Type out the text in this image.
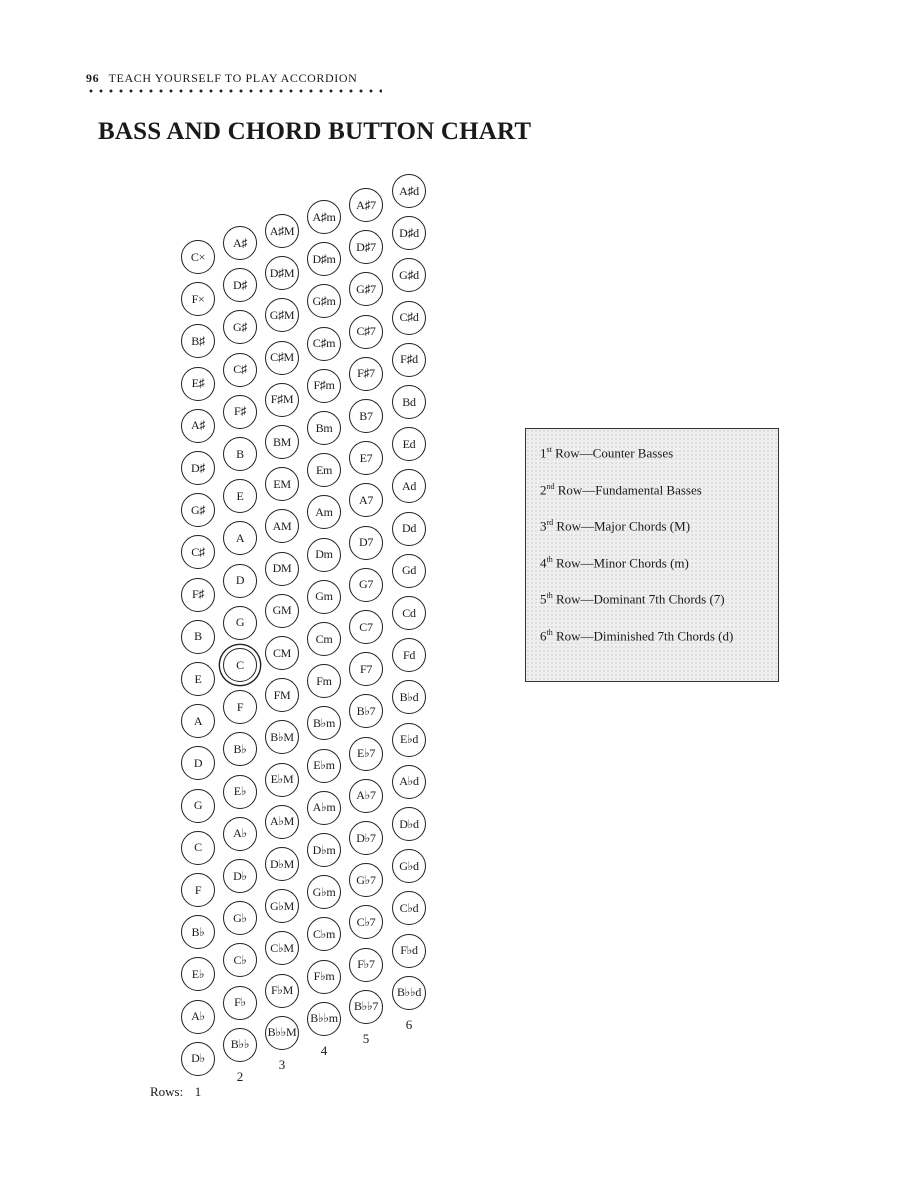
96 TEACH YOURSELF TO PLAY ACCORDION
BASS AND CHORD BUTTON CHART
C×
F×
B♯
E♯
A♯
D♯
G♯
C♯
F♯
B
E
A
D
G
C
F
B♭
E♭
A♭
D♭
1
A♯
D♯
G♯
C♯
F♯
B
E
A
D
G
C
F
B♭
E♭
A♭
D♭
G♭
C♭
F♭
B♭♭
2
A♯M
D♯M
G♯M
C♯M
F♯M
BM
EM
AM
DM
GM
CM
FM
B♭M
E♭M
A♭M
D♭M
G♭M
C♭M
F♭M
B♭♭M
3
A♯m
D♯m
G♯m
C♯m
F♯m
Bm
Em
Am
Dm
Gm
Cm
Fm
B♭m
E♭m
A♭m
D♭m
G♭m
C♭m
F♭m
B♭♭m
4
A♯7
D♯7
G♯7
C♯7
F♯7
B7
E7
A7
D7
G7
C7
F7
B♭7
E♭7
A♭7
D♭7
G♭7
C♭7
F♭7
B♭♭7
5
A♯d
D♯d
G♯d
C♯d
F♯d
Bd
Ed
Ad
Dd
Gd
Cd
Fd
B♭d
E♭d
A♭d
D♭d
G♭d
C♭d
F♭d
B♭♭d
6
Rows:
1st Row—Counter Basses
2nd Row—Fundamental Basses
3rd Row—Major Chords (M)
4th Row—Minor Chords (m)
5th Row—Dominant 7th Chords (7)
6th Row—Diminished 7th Chords (d)
